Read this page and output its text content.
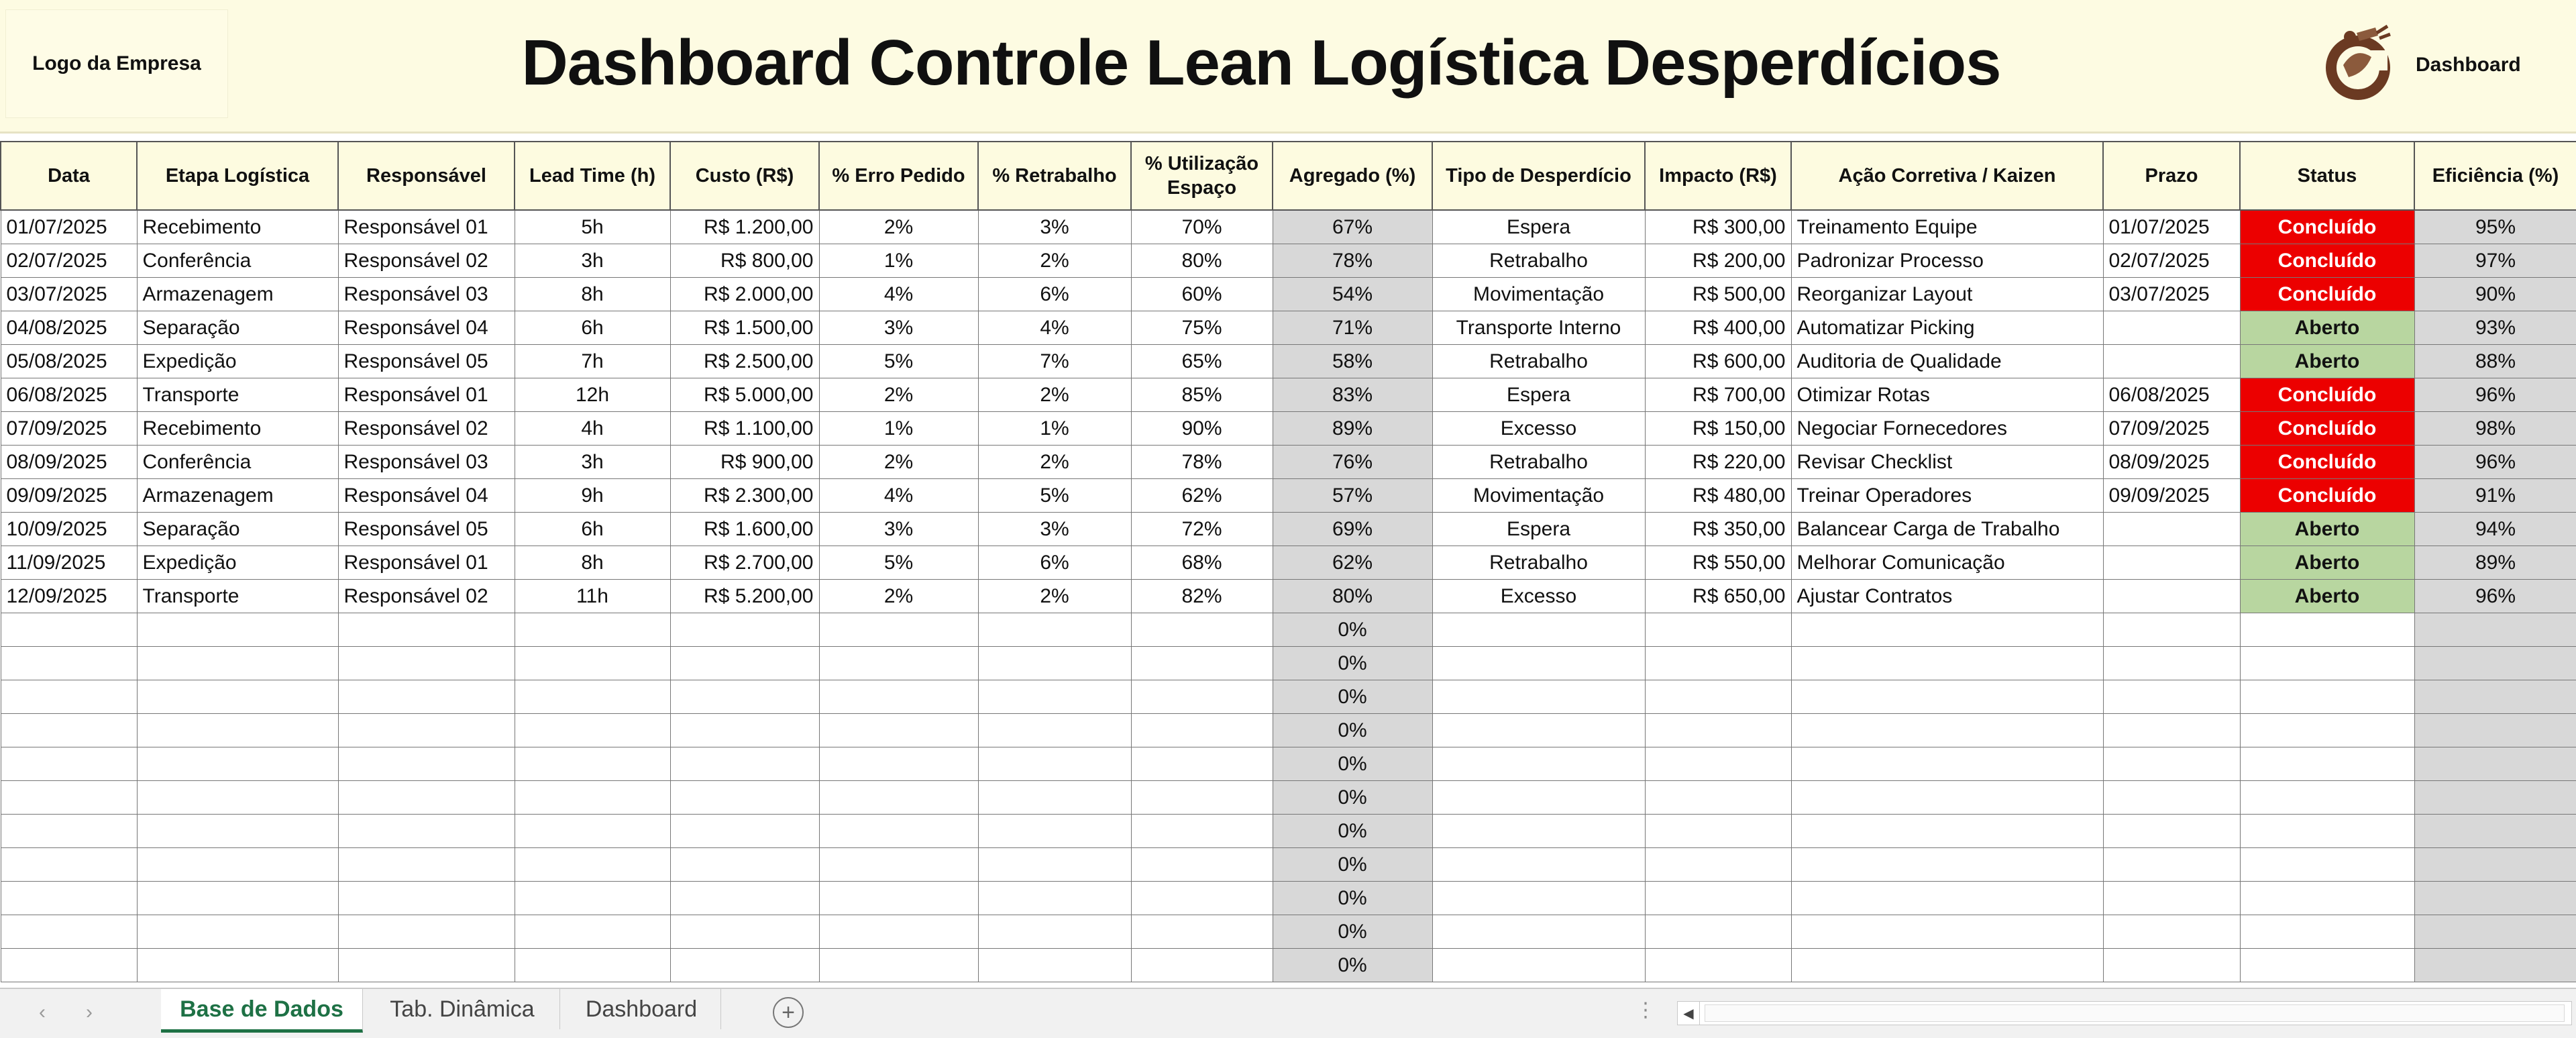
Logo da Empresa	Dashboard Controle Lean Logística Desperdícios	Dashboard
Data	Etapa Logística	Responsável	Lead Time (h)	Custo (R$)	% Erro Pedido	% Retrabalho	% Utilização Espaço	Agregado (%)	Tipo de Desperdício	Impacto (R$)	Ação Corretiva / Kaizen	Prazo	Status	Eficiência (%)
01/07/2025	Recebimento	Responsável 01	5h	R$ 1.200,00	2%	3%	70%	67%	Espera	R$ 300,00	Treinamento Equipe	01/07/2025	Concluído	95%
02/07/2025	Conferência	Responsável 02	3h	R$ 800,00	1%	2%	80%	78%	Retrabalho	R$ 200,00	Padronizar Processo	02/07/2025	Concluído	97%
03/07/2025	Armazenagem	Responsável 03	8h	R$ 2.000,00	4%	6%	60%	54%	Movimentação	R$ 500,00	Reorganizar Layout	03/07/2025	Concluído	90%
04/08/2025	Separação	Responsável 04	6h	R$ 1.500,00	3%	4%	75%	71%	Transporte Interno	R$ 400,00	Automatizar Picking		Aberto	93%
05/08/2025	Expedição	Responsável 05	7h	R$ 2.500,00	5%	7%	65%	58%	Retrabalho	R$ 600,00	Auditoria de Qualidade		Aberto	88%
06/08/2025	Transporte	Responsável 01	12h	R$ 5.000,00	2%	2%	85%	83%	Espera	R$ 700,00	Otimizar Rotas	06/08/2025	Concluído	96%
07/09/2025	Recebimento	Responsável 02	4h	R$ 1.100,00	1%	1%	90%	89%	Excesso	R$ 150,00	Negociar Fornecedores	07/09/2025	Concluído	98%
08/09/2025	Conferência	Responsável 03	3h	R$ 900,00	2%	2%	78%	76%	Retrabalho	R$ 220,00	Revisar Checklist	08/09/2025	Concluído	96%
09/09/2025	Armazenagem	Responsável 04	9h	R$ 2.300,00	4%	5%	62%	57%	Movimentação	R$ 480,00	Treinar Operadores	09/09/2025	Concluído	91%
10/09/2025	Separação	Responsável 05	6h	R$ 1.600,00	3%	3%	72%	69%	Espera	R$ 350,00	Balancear Carga de Trabalho		Aberto	94%
11/09/2025	Expedição	Responsável 01	8h	R$ 2.700,00	5%	6%	68%	62%	Retrabalho	R$ 550,00	Melhorar Comunicação		Aberto	89%
12/09/2025	Transporte	Responsável 02	11h	R$ 5.200,00	2%	2%	82%	80%	Excesso	R$ 650,00	Ajustar Contratos		Aberto	96%
								0%						
								0%						
								0%						
								0%						
								0%						
								0%						
								0%						
								0%						
								0%						
								0%						
								0%						
‹ ›	Base de Dados	Tab. Dinâmica	Dashboard	+	⋮	◀
